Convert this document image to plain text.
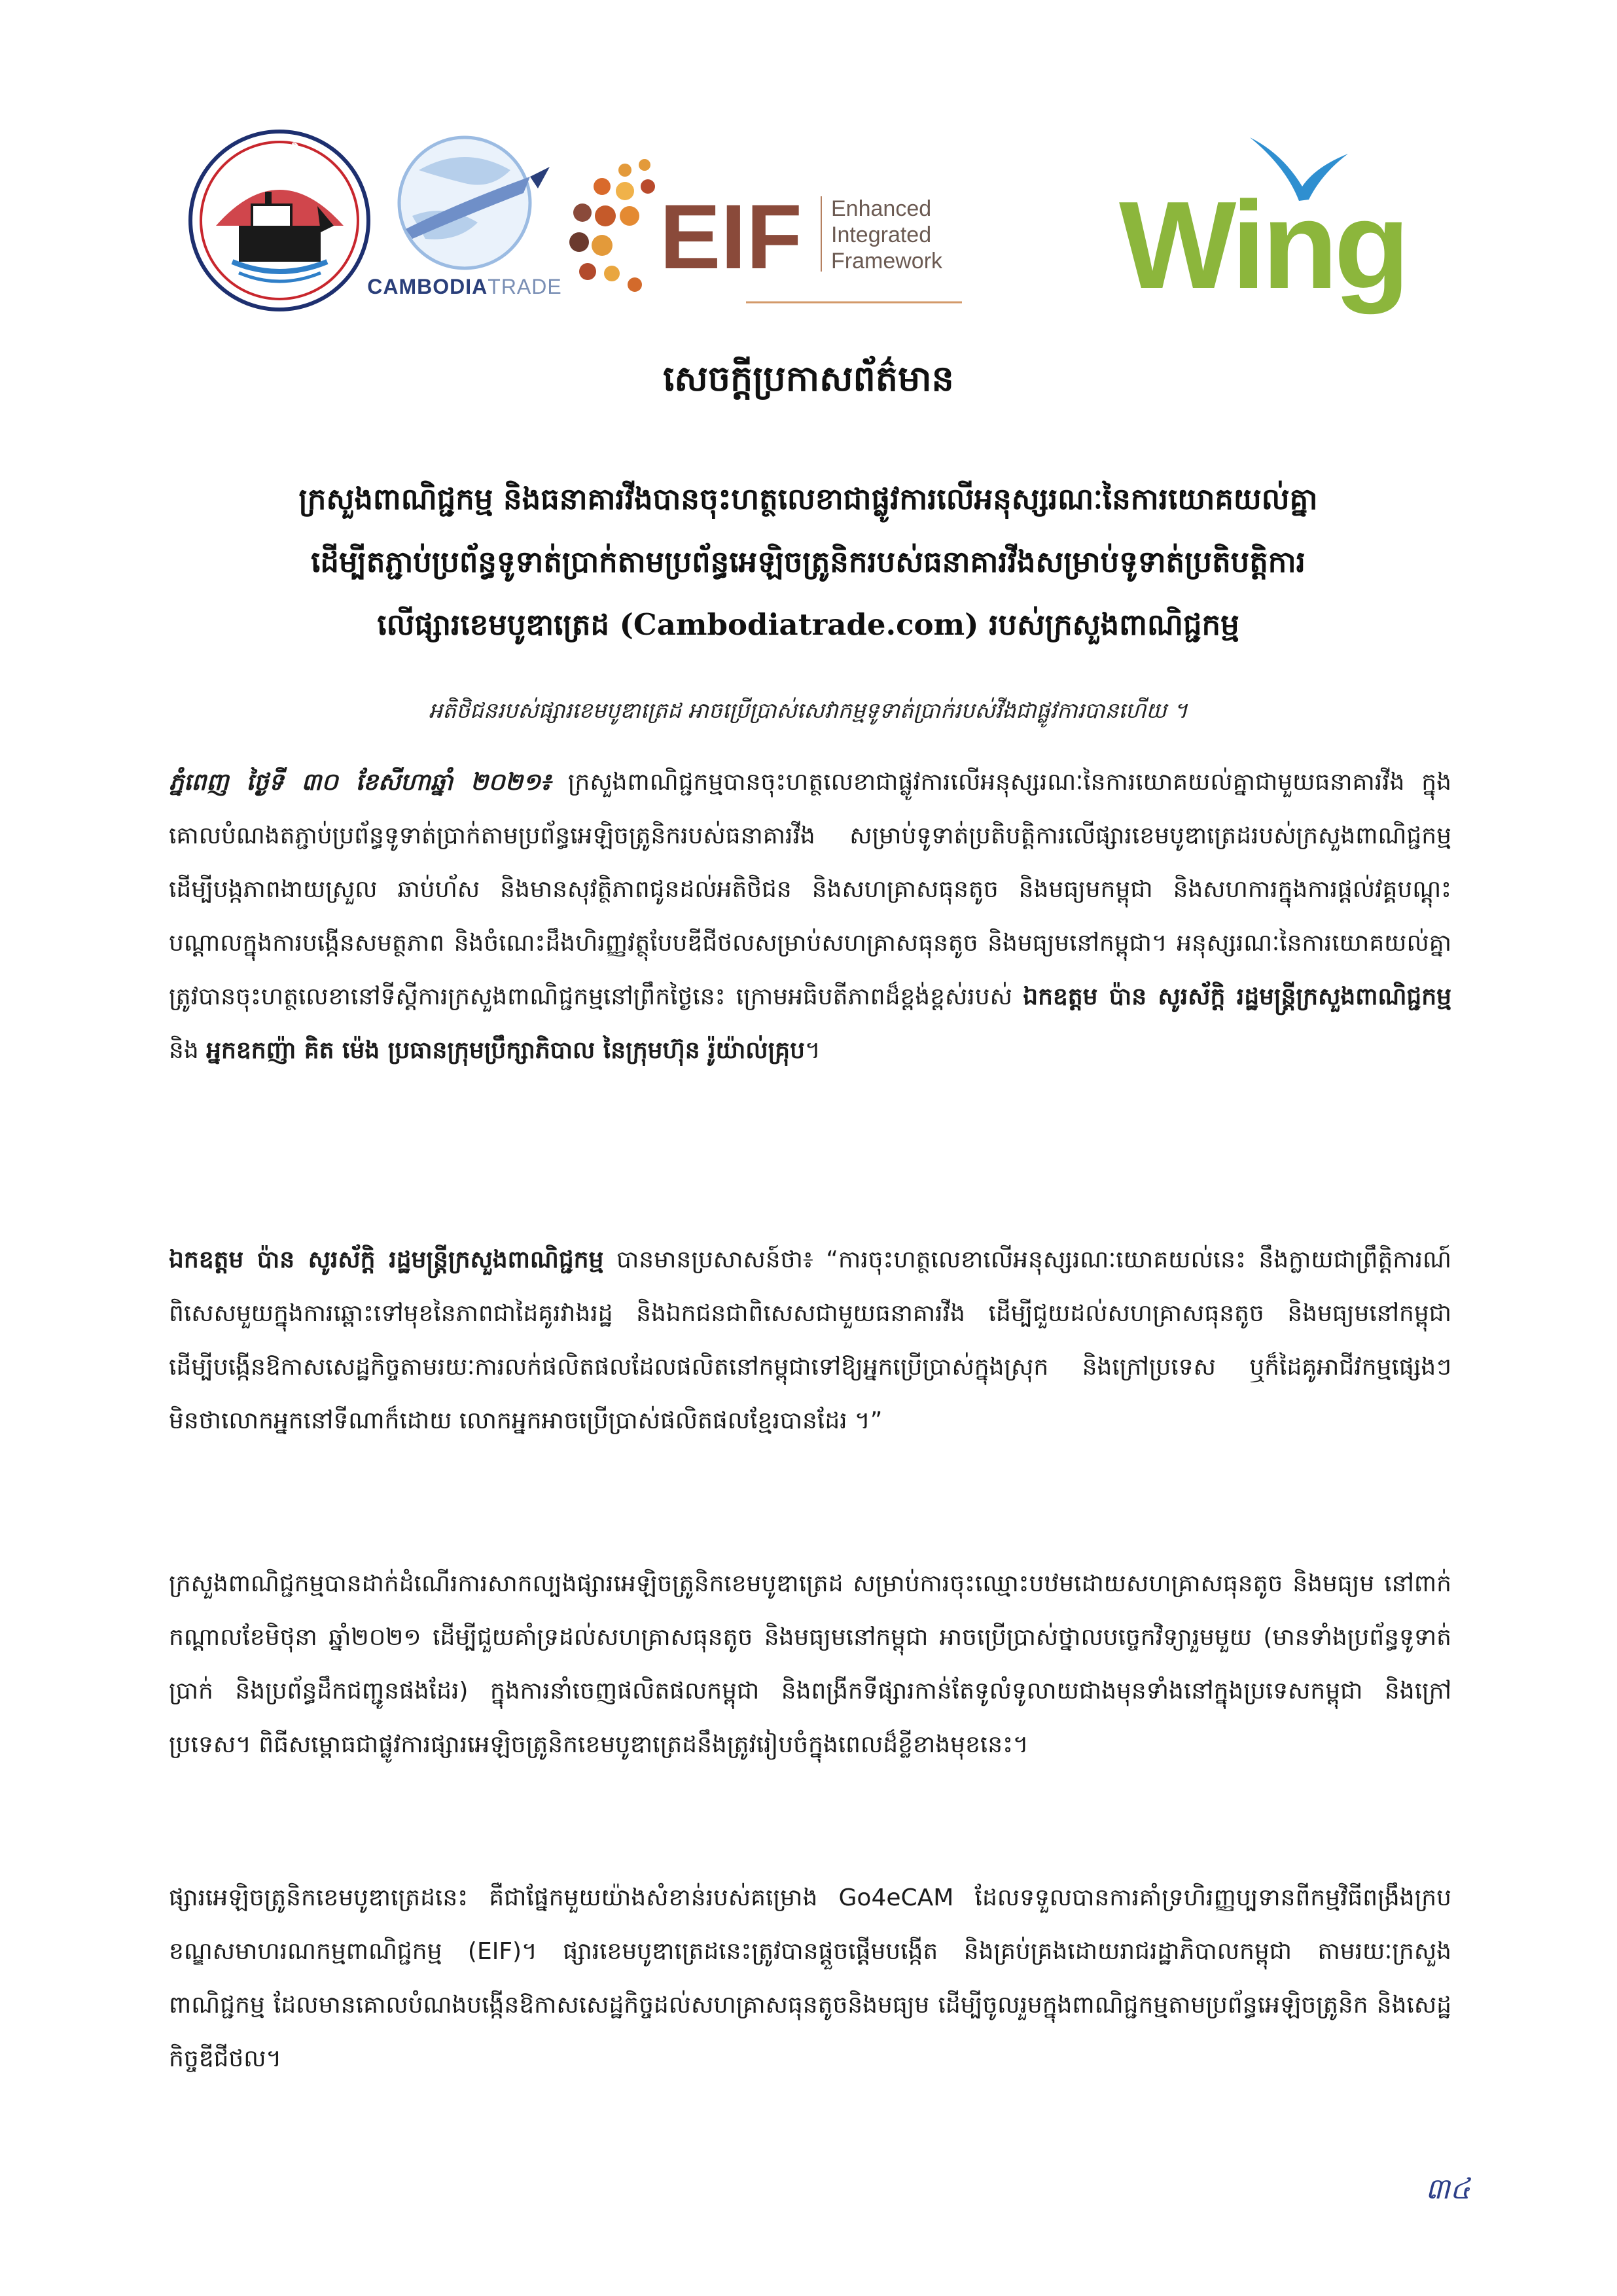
ក្រសួងពាណិជ្ជកម្ម
CAMBODIATRADE EIF Enhanced
Integrated
Framework Wing
សេចក្តីប្រកាសព័ត៌មាន
ក្រសួងពាណិជ្ជកម្ម និងធនាគារវីងបានចុះហត្ថលេខាជាផ្លូវការលើអនុស្សរណៈនៃការយោគយល់គ្នា
ដើម្បីតភ្ជាប់ប្រព័ន្ធទូទាត់ប្រាក់តាមប្រព័ន្ធអេឡិចត្រូនិករបស់ធនាគារវីងសម្រាប់ទូទាត់ប្រតិបត្តិការ
លើផ្សារខេមបូឌាត្រេដ (Cambodiatrade.com) របស់ក្រសួងពាណិជ្ជកម្ម
អតិថិជនរបស់ផ្សារខេមបូឌាត្រេដ អាចប្រើប្រាស់សេវាកម្មទូទាត់ប្រាក់របស់វីងជាផ្លូវការបានហើយ ។
ភ្នំពេញ ថ្ងៃទី ៣០ ខែសីហាឆ្នាំ ២០២១៖ ក្រសួងពាណិជ្ជកម្មបានចុះហត្ថលេខាជាផ្លូវការលើអនុស្សរណៈនៃការយោគយល់គ្នាជាមួយធនាគារវីង ក្នុងគោលបំណងតភ្ជាប់ប្រព័ន្ធទូទាត់ប្រាក់តាមប្រព័ន្ធអេឡិចត្រូនិករបស់ធនាគារវីង សម្រាប់ទូទាត់ប្រតិបត្តិការលើផ្សារខេមបូឌាត្រេដរបស់ក្រសួងពាណិជ្ជកម្ម ដើម្បីបង្កភាពងាយស្រួល ឆាប់ហ័ស និងមានសុវត្ថិភាពជូនដល់អតិថិជន និងសហគ្រាសធុនតូច និងមធ្យមកម្ពុជា និងសហការក្នុងការផ្តល់វគ្គបណ្តុះបណ្តាលក្នុងការបង្កើនសមត្ថភាព និងចំណេះដឹងហិរញ្ញវត្ថុបែបឌីជីថលសម្រាប់សហគ្រាសធុនតូច និងមធ្យមនៅកម្ពុជា។ អនុស្សរណៈនៃការយោគយល់គ្នា ត្រូវបានចុះហត្ថលេខានៅទីស្តីការក្រសួងពាណិជ្ជកម្មនៅព្រឹកថ្ងៃនេះ ក្រោមអធិបតីភាពដ៏ខ្ពង់ខ្ពស់របស់ ឯកឧត្តម ប៉ាន សូរស័ក្តិ រដ្ឋមន្ត្រីក្រសួងពាណិជ្ជកម្ម និង អ្នកឧកញ៉ា គិត ម៉េង ប្រធានក្រុមប្រឹក្សាភិបាល នៃក្រុមហ៊ុន រ៉ូយ៉ាល់គ្រុប។
ឯកឧត្តម ប៉ាន សូរស័ក្តិ រដ្ឋមន្ត្រីក្រសួងពាណិជ្ជកម្ម បានមានប្រសាសន៍ថា៖ “ការចុះហត្ថលេខាលើអនុស្សរណៈយោគយល់នេះ នឹងក្លាយជាព្រឹត្តិការណ៍ពិសេសមួយក្នុងការឆ្ពោះទៅមុខនៃភាពជាដៃគូរវាងរដ្ឋ និងឯកជនជាពិសេសជាមួយធនាគារវីង ដើម្បីជួយដល់សហគ្រាសធុនតូច និងមធ្យមនៅកម្ពុជា ដើម្បីបង្កើនឱកាសសេដ្ឋកិច្ចតាមរយៈការលក់ផលិតផលដែលផលិតនៅកម្ពុជាទៅឱ្យអ្នកប្រើប្រាស់ក្នុងស្រុក និងក្រៅប្រទេស ឬក៏ដៃគូអាជីវកម្មផ្សេងៗមិនថាលោកអ្នកនៅទីណាក៏ដោយ លោកអ្នកអាចប្រើប្រាស់ផលិតផលខ្មែរបានដែរ ។”
ក្រសួងពាណិជ្ជកម្មបានដាក់ដំណើរការសាកល្បងផ្សារអេឡិចត្រូនិកខេមបូឌាត្រេដ សម្រាប់ការចុះឈ្មោះបឋមដោយសហគ្រាសធុនតូច និងមធ្យម នៅពាក់កណ្តាលខែមិថុនា ឆ្នាំ២០២១ ដើម្បីជួយគាំទ្រដល់សហគ្រាសធុនតូច និងមធ្យមនៅកម្ពុជា អាចប្រើប្រាស់ថ្នាលបច្ចេកវិទ្យារួមមួយ (មានទាំងប្រព័ន្ធទូទាត់ប្រាក់ និងប្រព័ន្ធដឹកជញ្ជូនផងដែរ) ក្នុងការនាំចេញផលិតផលកម្ពុជា និងពង្រីកទីផ្សារកាន់តែទូលំទូលាយជាងមុនទាំងនៅក្នុងប្រទេសកម្ពុជា និងក្រៅប្រទេស។ ពិធីសម្ពោធជាផ្លូវការផ្សារអេឡិចត្រូនិកខេមបូឌាត្រេដនឹងត្រូវរៀបចំក្នុងពេលដ៏ខ្លីខាងមុខនេះ។
ផ្សារអេឡិចត្រូនិកខេមបូឌាត្រេដនេះ គឺជាផ្នែកមួយយ៉ាងសំខាន់របស់គម្រោង Go4eCAM ដែលទទួលបានការគាំទ្រហិរញ្ញប្បទានពីកម្មវិធីពង្រឹងក្របខណ្ឌសមាហរណកម្មពាណិជ្ជកម្ម (EIF)។ ផ្សារខេមបូឌាត្រេដនេះត្រូវបានផ្តួចផ្តើមបង្កើត និងគ្រប់គ្រងដោយរាជរដ្ឋាភិបាលកម្ពុជា តាមរយៈក្រសួងពាណិជ្ជកម្ម ដែលមានគោលបំណងបង្កើនឱកាសសេដ្ឋកិច្ចដល់សហគ្រាសធុនតូចនិងមធ្យម ដើម្បីចូលរួមក្នុងពាណិជ្ជកម្មតាមប្រព័ន្ធអេឡិចត្រូនិក និងសេដ្ឋកិច្ចឌីជីថល។
៣៤
